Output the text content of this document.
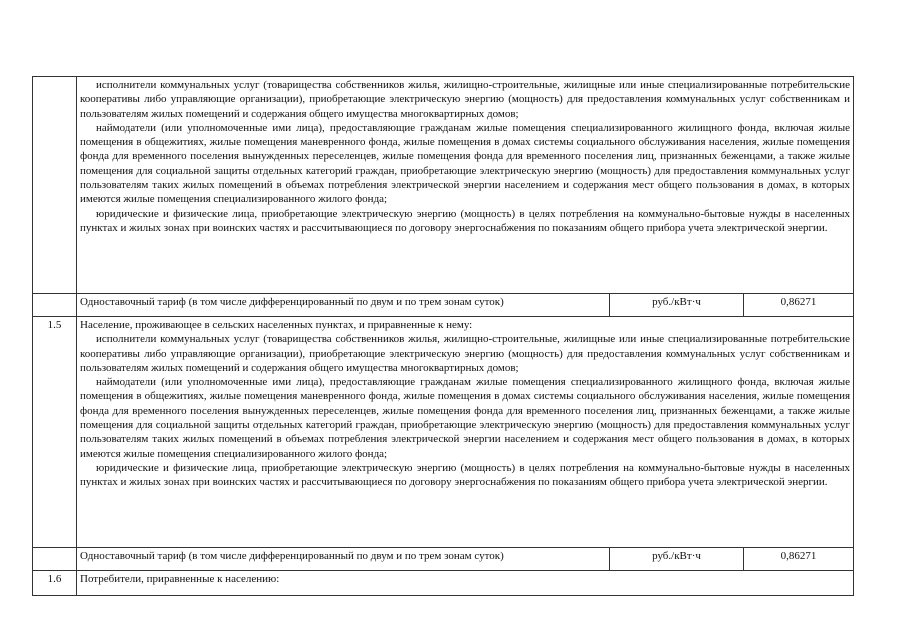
	исполнители коммунальных услуг (товарищества собственников жилья, жилищно-строительные, жилищные или иные специализированные потребительские кооперативы либо управляющие организации), приобретающие электрическую энергию (мощность) для предоставления коммунальных услуг собственникам и пользователям жилых помещений и содержания общего имущества многоквартирных домов;

наймодатели (или уполномоченные ими лица), предоставляющие гражданам жилые помещения специализированного жилищного фонда, включая жилые помещения в общежитиях, жилые помещения маневренного фонда, жилые помещения в домах системы социального обслуживания населения, жилые помещения фонда для временного поселения вынужденных переселенцев, жилые помещения фонда для временного поселения лиц, признанных беженцами, а также жилые помещения для социальной защиты отдельных категорий граждан, приобретающие электрическую энергию (мощность) для предоставления коммунальных услуг пользователям таких жилых помещений в объемах потребления электрической энергии населением и содержания мест общего пользования в домах, в которых имеются жилые помещения специализированного жилого фонда;

юридические и физические лица, приобретающие электрическую энергию (мощность) в целях потребления на коммунально-бытовые нужды в населенных пунктах и жилых зонах при воинских частях и рассчитывающиеся по договору энергоснабжения по показаниям общего прибора учета электрической энергии.		

	Одноставочный тариф (в том числе дифференцированный по двум и по трем зонам суток)	руб./кВт·ч	0,86271
1.5	Население, проживающее в сельских населенных пунктах, и приравненные к нему:

исполнители коммунальных услуг (товарищества собственников жилья, жилищно-строительные, жилищные или иные специализированные потребительские кооперативы либо управляющие организации), приобретающие электрическую энергию (мощность) для предоставления коммунальных услуг собственникам и пользователям жилых помещений и содержания общего имущества многоквартирных домов;

наймодатели (или уполномоченные ими лица), предоставляющие гражданам жилые помещения специализированного жилищного фонда, включая жилые помещения в общежитиях, жилые помещения маневренного фонда, жилые помещения в домах системы социального обслуживания населения, жилые помещения фонда для временного поселения вынужденных переселенцев, жилые помещения фонда для временного поселения лиц, признанных беженцами, а также жилые помещения для социальной защиты отдельных категорий граждан, приобретающие электрическую энергию (мощность) для предоставления коммунальных услуг пользователям таких жилых помещений в объемах потребления электрической энергии населением и содержания мест общего пользования в домах, в которых имеются жилые помещения специализированного жилого фонда;

юридические и физические лица, приобретающие электрическую энергию (мощность) в целях потребления на коммунально-бытовые нужды в населенных пунктах и жилых зонах при воинских частях и рассчитывающиеся по договору энергоснабжения по показаниям общего прибора учета электрической энергии.		

	Одноставочный тариф (в том числе дифференцированный по двум и по трем зонам суток)	руб./кВт·ч	0,86271
1.6	Потребители, приравненные к населению:		
